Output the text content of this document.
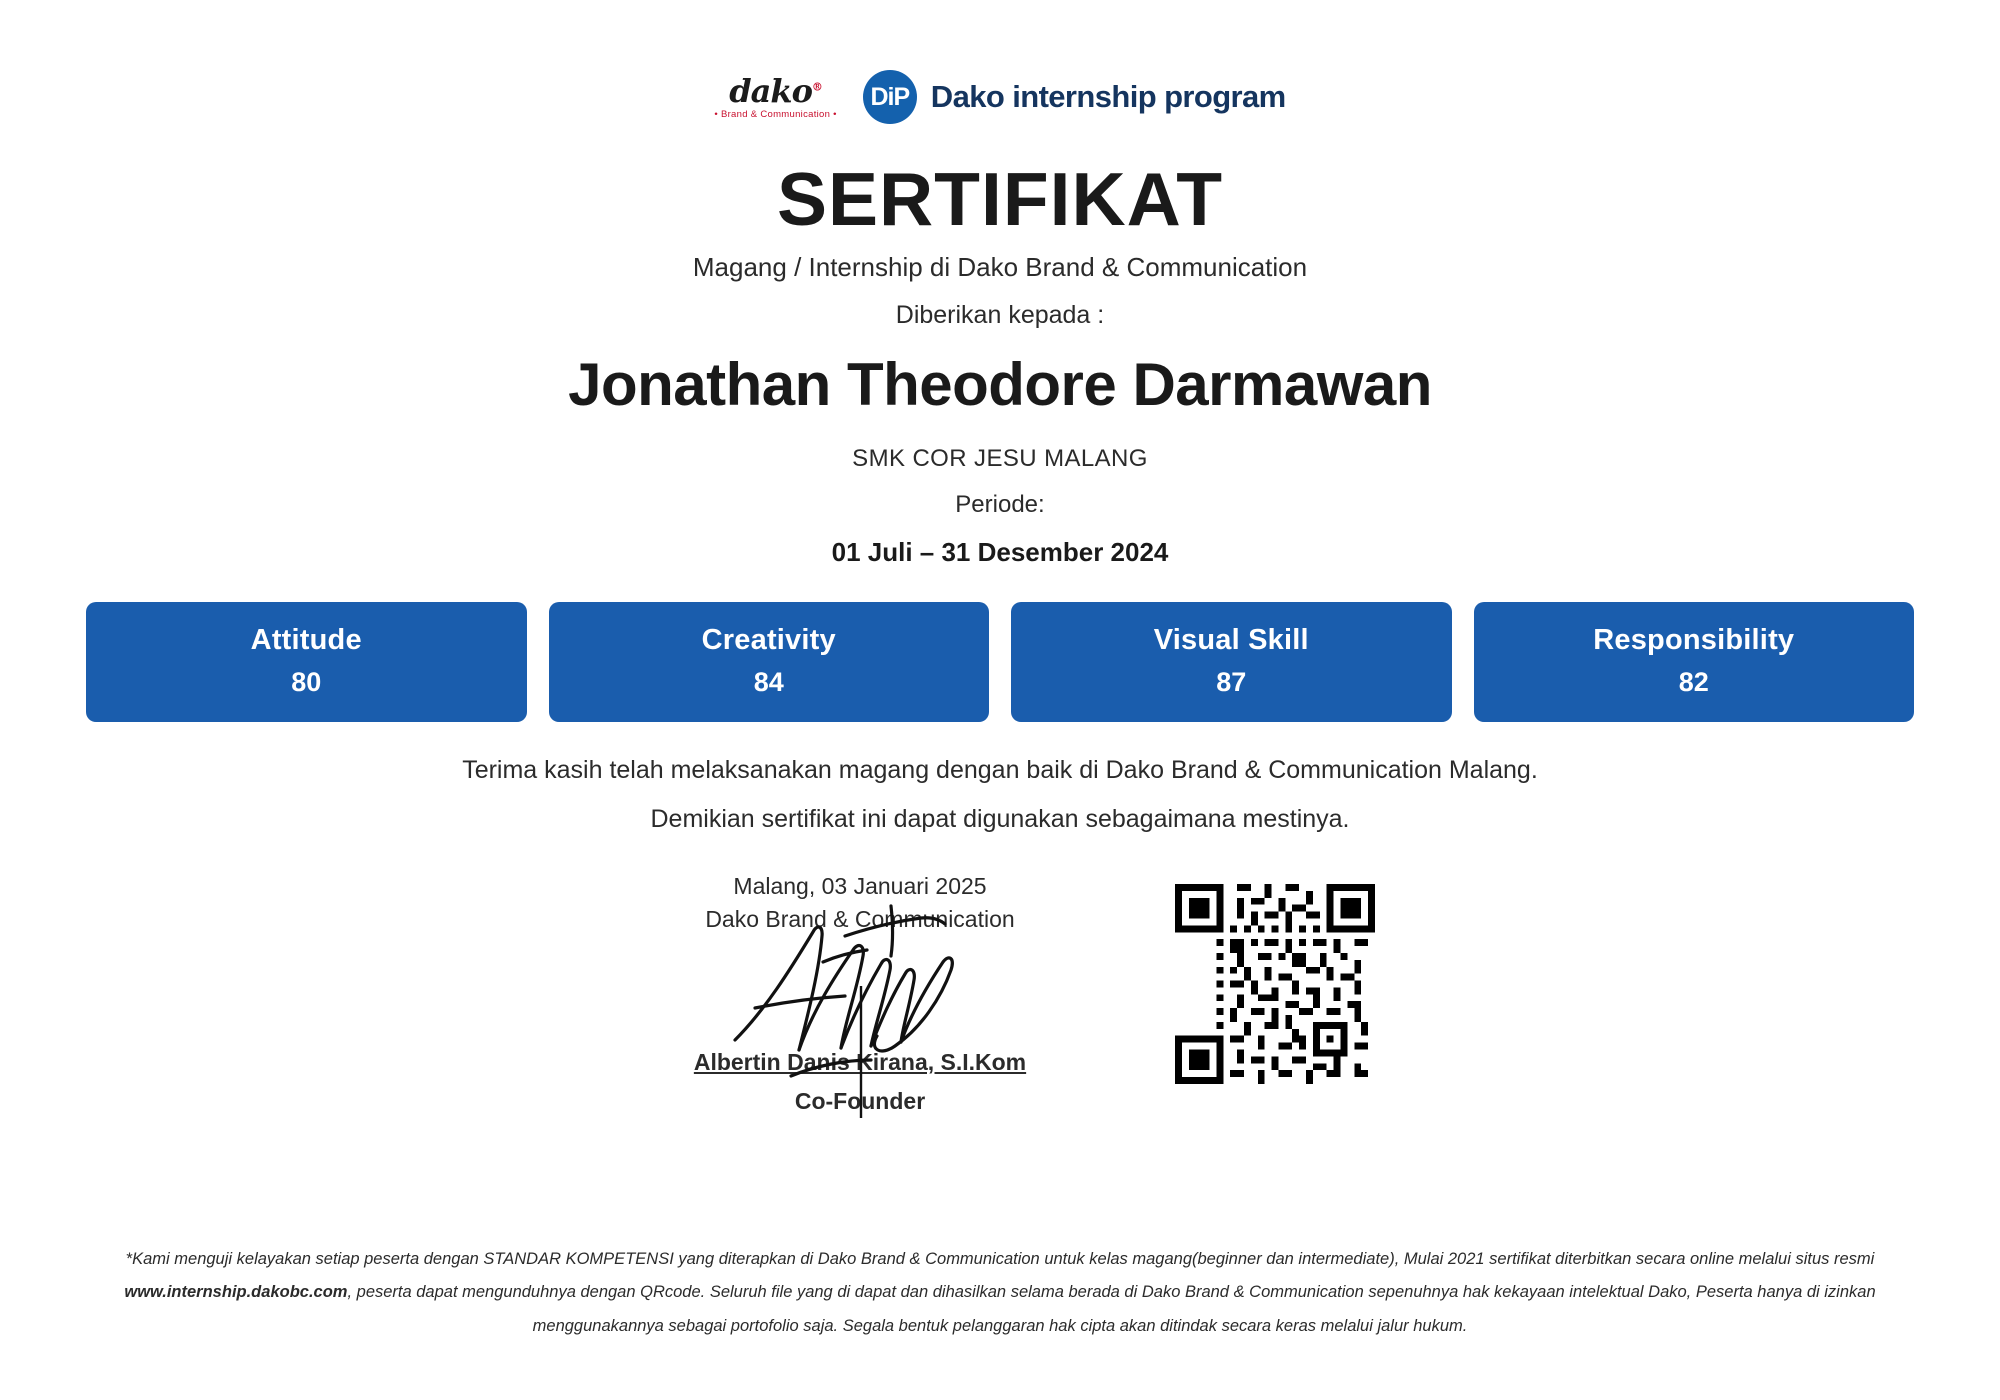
dako®
• Brand & Communication •
DiP Dako internship program
SERTIFIKAT
Magang / Internship di Dako Brand & Communication
Diberikan kepada :
Jonathan Theodore Darmawan
SMK COR JESU MALANG
Periode:
01 Juli – 31 Desember 2024
Attitude
80
Creativity
84
Visual Skill
87
Responsibility
82
Terima kasih telah melaksanakan magang dengan baik di Dako Brand & Communication Malang.
Demikian sertifikat ini dapat digunakan sebagaimana mestinya.
Malang, 03 Januari 2025
Dako Brand & Communication
Albertin Danis Kirana, S.I.Kom
Co-Founder
*Kami menguji kelayakan setiap peserta dengan STANDAR KOMPETENSI yang diterapkan di Dako Brand & Communication untuk kelas magang(beginner dan intermediate), Mulai 2021 sertifikat diterbitkan secara online melalui situs resmi www.internship.dakobc.com, peserta dapat mengunduhnya dengan QRcode. Seluruh file yang di dapat dan dihasilkan selama berada di Dako Brand & Communication sepenuhnya hak kekayaan intelektual Dako, Peserta hanya di izinkan menggunakannya sebagai portofolio saja. Segala bentuk pelanggaran hak cipta akan ditindak secara keras melalui jalur hukum.
